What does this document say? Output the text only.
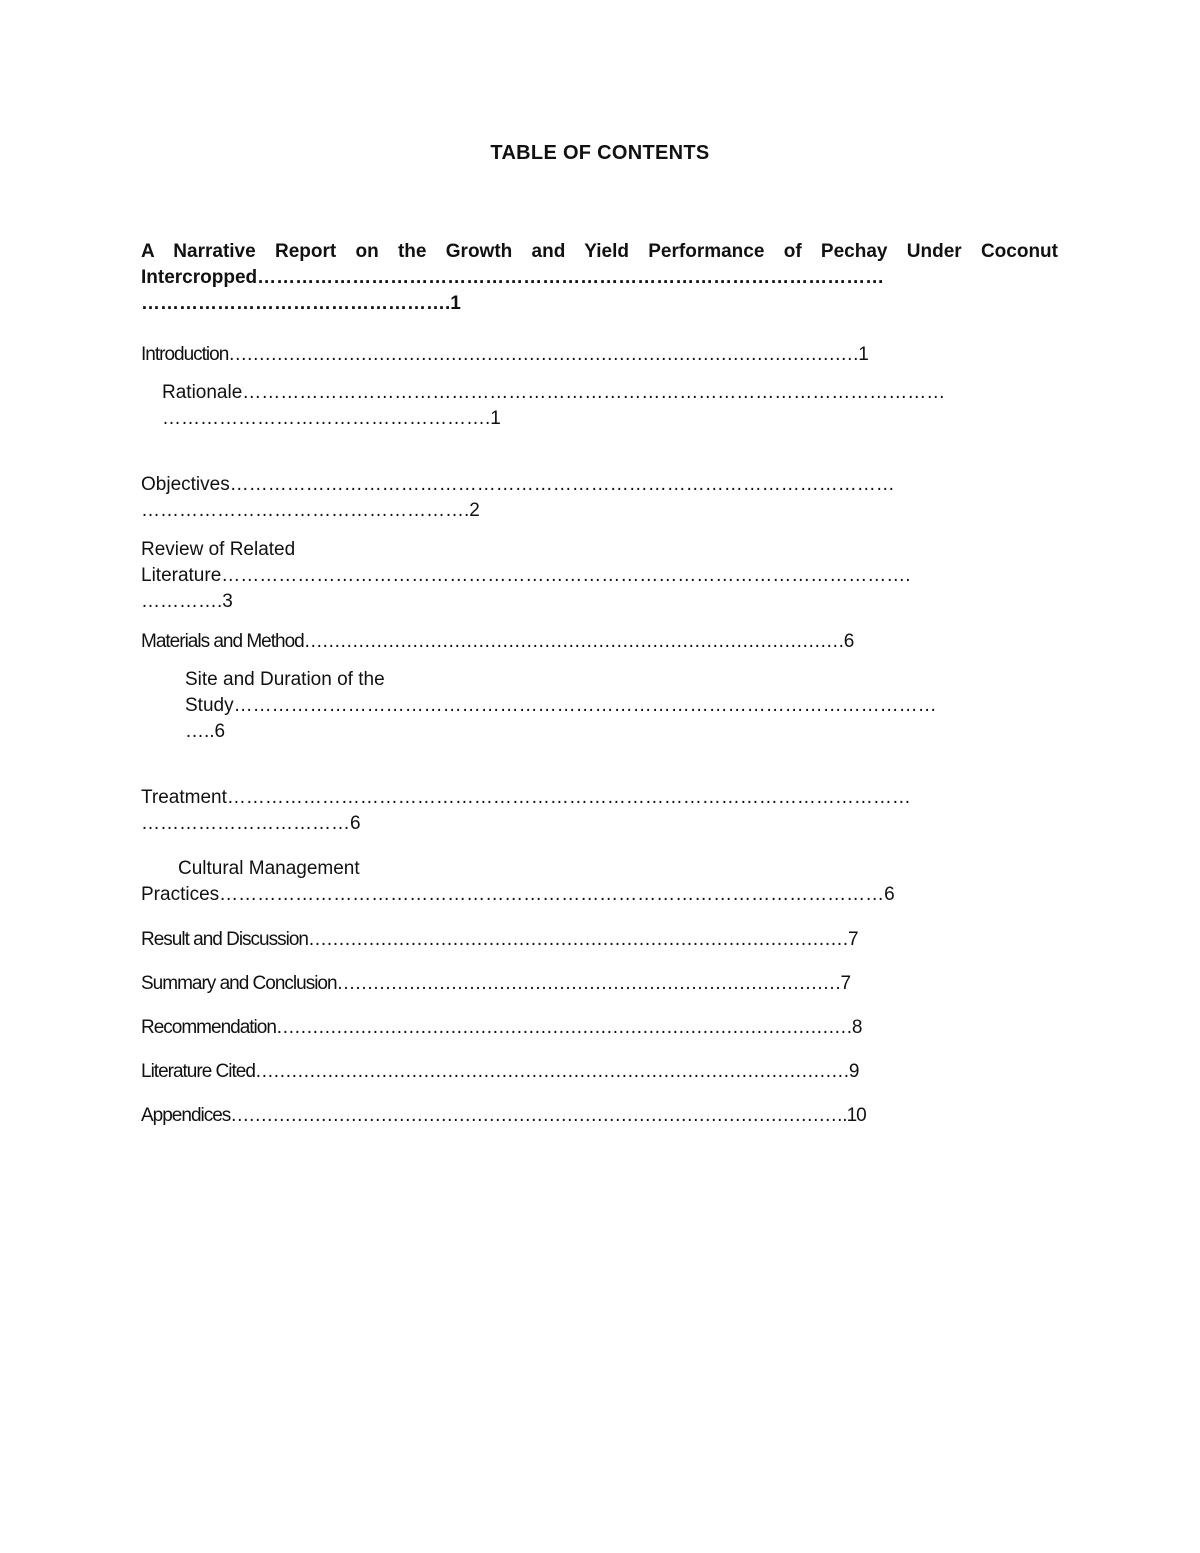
TABLE OF CONTENTS
A Narrative Report on the Growth and Yield Performance of Pechay Under Coconut
Intercropped………………………………………………………………………………………
………………………………………….1
Introduction……………………………………………………………………………………………1
Rationale…………………………………………………………………………………………………
…………………………………………….1
Objectives……………………………………………………………………………………………
…………………………………………….2
Review of Related
Literature……………………………………………………………………………………………….
………….3
Materials and Method………………………………………………………………………………6
Site and Duration of the
Study…………………………………………………………………………………………………
…..6
Treatment………………………………………………………………………………………………
……………………………6
Cultural Management
Practices……………………………………………………………………………………………6
Result and Discussion………………………………………………………………………………7
Summary and Conclusion…………………………………………………………………………7
Recommendation……………………………………………………………………………………8
Literature Cited………………………………………………………………………………………9
Appendices………………………………………………………………………………………….10
